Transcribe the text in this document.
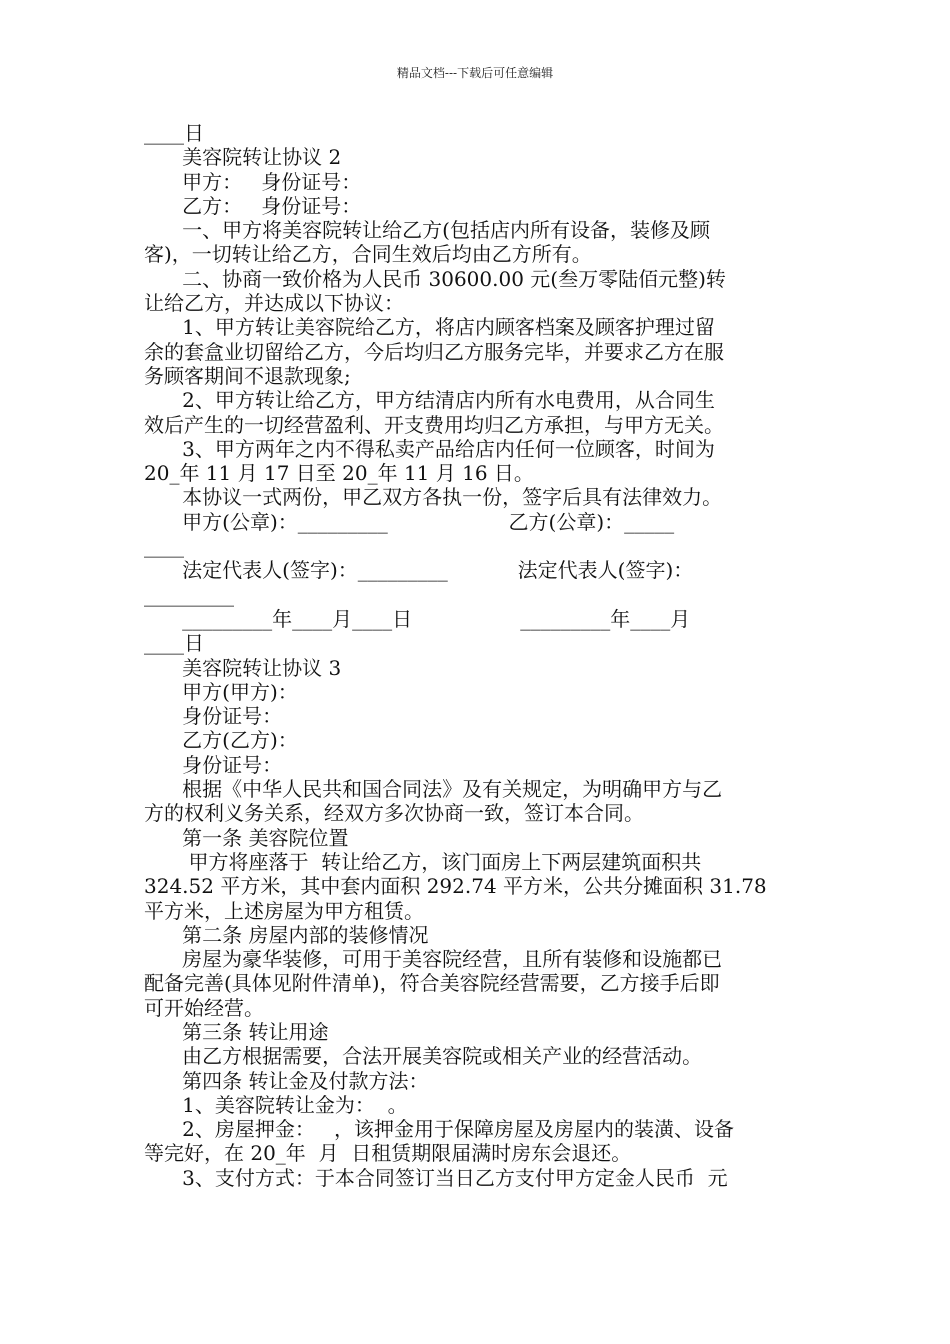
精品文档---下载后可任意编辑
____日
美容院转让协议 2
甲方：   身份证号：
乙方：   身份证号：
一、甲方将美容院转让给乙方(包括店内所有设备，装修及顾
客)，一切转让给乙方，合同生效后均由乙方所有。
二、协商一致价格为人民币 30600.00 元(叁万零陆佰元整)转
让给乙方，并达成以下协议：
1、甲方转让美容院给乙方，将店内顾客档案及顾客护理过留
余的套盒业切留给乙方，今后均归乙方服务完毕，并要求乙方在服
务顾客期间不退款现象;
2、甲方转让给乙方，甲方结清店内所有水电费用，从合同生
效后产生的一切经营盈利、开支费用均归乙方承担，与甲方无关。
3、甲方两年之内不得私卖产品给店内任何一位顾客，时间为
20_年 11 月 17 日至 20_年 11 月 16 日。
本协议一式两份，甲乙双方各执一份，签字后具有法律效力。
甲方(公章)：_________                   乙方(公章)：_____
____
法定代表人(签字)：_________           法定代表人(签字)：
_________
_________年____月____日                 _________年____月
____日
美容院转让协议 3
甲方(甲方)：
身份证号：
乙方(乙方)：
身份证号：
根据《中华人民共和国合同法》及有关规定，为明确甲方与乙
方的权利义务关系，经双方多次协商一致，签订本合同。
第一条 美容院位置
甲方将座落于  转让给乙方，该门面房上下两层建筑面积共
324.52 平方米，其中套内面积 292.74 平方米，公共分摊面积 31.78
平方米，上述房屋为甲方租赁。
第二条 房屋内部的装修情况
房屋为豪华装修，可用于美容院经营，且所有装修和设施都已
配备完善(具体见附件清单)，符合美容院经营需要，乙方接手后即
可开始经营。
第三条 转让用途
由乙方根据需要，合法开展美容院或相关产业的经营活动。
第四条 转让金及付款方法：
1、美容院转让金为：  。
2、房屋押金：   ，该押金用于保障房屋及房屋内的装潢、设备
等完好，在 20_年  月  日租赁期限届满时房东会退还。
3、支付方式：于本合同签订当日乙方支付甲方定金人民币  元
